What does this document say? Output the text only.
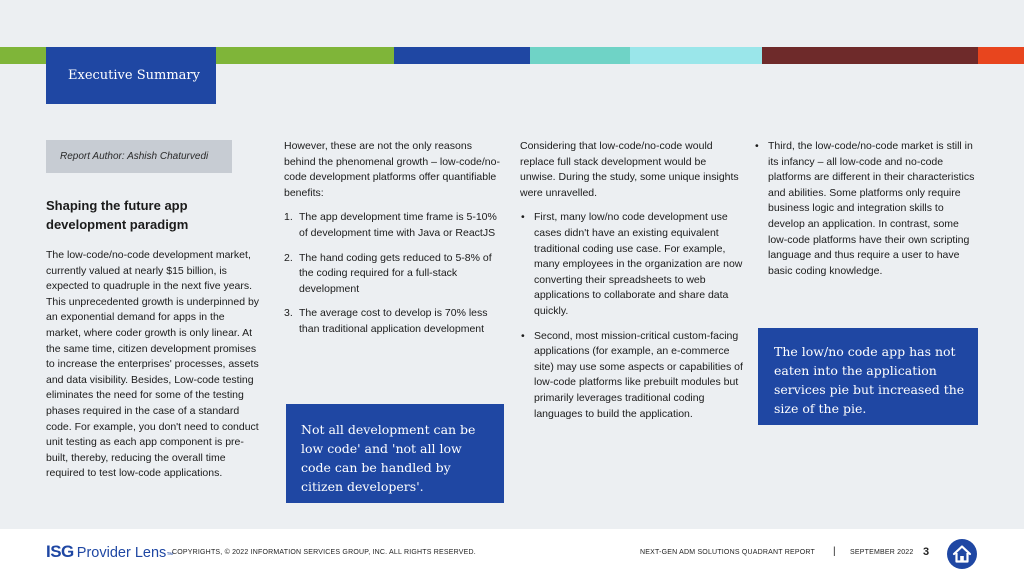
Executive Summary
Report Author: Ashish Chaturvedi
Shaping the future app development paradigm

The low-code/no-code development market, currently valued at nearly $15 billion, is expected to quadruple in the next five years. This unprecedented growth is underpinned by an exponential demand for apps in the market, where coder growth is only linear. At the same time, citizen development promises to increase the enterprises' processes, assets and data visibility. Besides, Low-code testing eliminates the need for some of the testing phases required in the case of a standard code. For example, you don't need to conduct unit testing as each app component is pre-built, thereby, reducing the overall time required to test low-code applications.

However, these are not the only reasons behind the phenomenal growth – low-code/no-code development platforms offer quantifiable benefits:

1. The app development time frame is 5-10% of development time with Java or ReactJS
2. The hand coding gets reduced to 5-8% of the coding required for a full-stack development
3. The average cost to develop is 70% less than traditional application development

Considering that low-code/no-code would replace full stack development would be unwise. During the study, some unique insights were unravelled.

• First, many low/no code development use cases didn't have an existing equivalent traditional coding use case. For example, many employees in the organization are now converting their spreadsheets to web applications to collaborate and share data quickly.
• Second, most mission-critical custom-facing applications (for example, an e-commerce site) may use some aspects or capabilities of low-code platforms like prebuilt modules but primarily leverages traditional coding languages to build the application.
• Third, the low-code/no-code market is still in its infancy – all low-code and no-code platforms are different in their characteristics and abilities. Some platforms only require business logic and integration skills to develop an application. In contrast, some low-code platforms have their own scripting language and thus require a user to have basic coding knowledge.
Not all development can be low code' and 'not all low code can be handled by citizen developers'.
The low/no code app has not eaten into the application services pie but increased the size of the pie.
ISG Provider Lens ™
COPYRIGHTS, © 2022 INFORMATION SERVICES GROUP, INC. ALL RIGHTS RESERVED.	NEXT-GEN ADM SOLUTIONS QUADRANT REPORT | SEPTEMBER 2022 3
